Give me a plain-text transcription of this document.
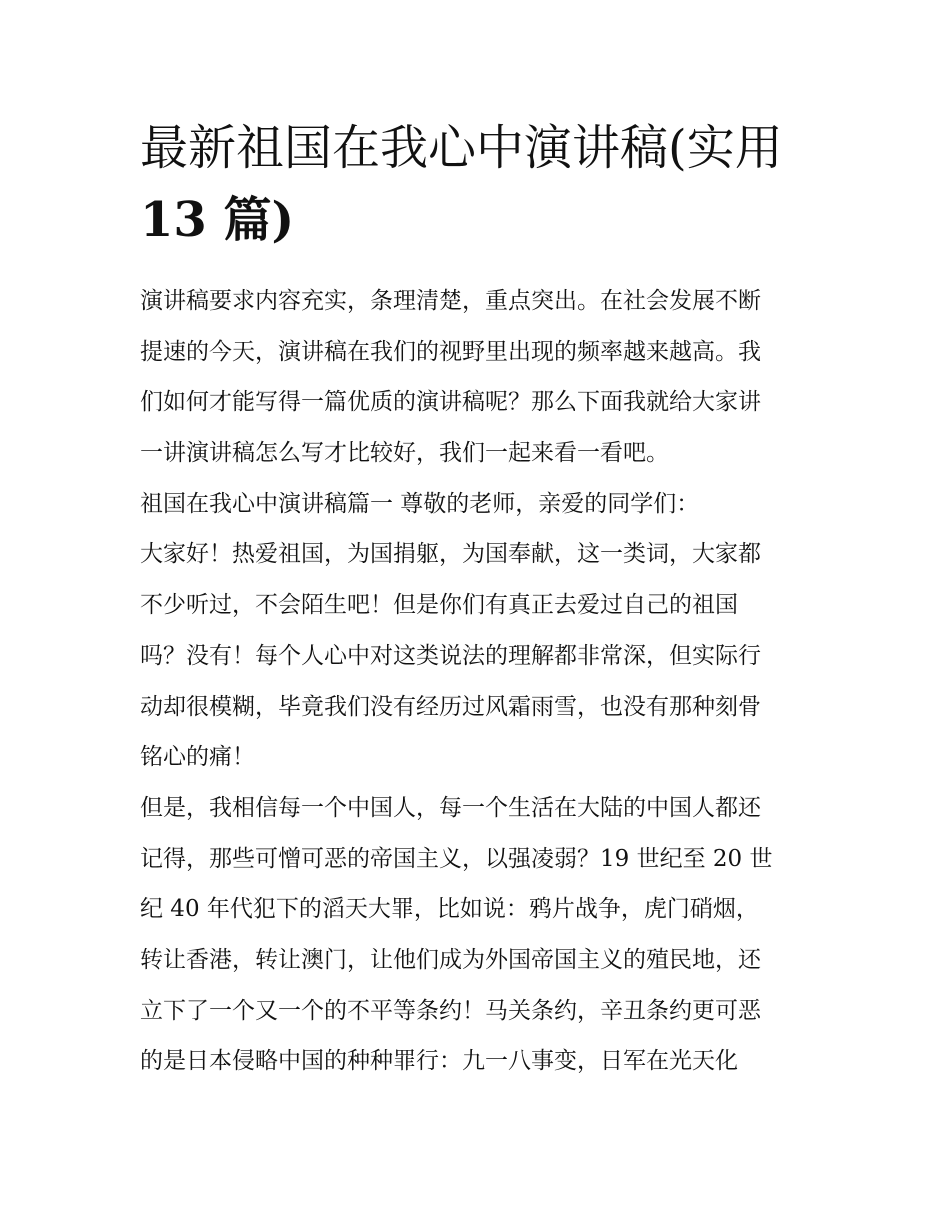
最新祖国在我心中演讲稿(实用
13 篇)
演讲稿要求内容充实，条理清楚，重点突出。在社会发展不断
提速的今天，演讲稿在我们的视野里出现的频率越来越高。我
们如何才能写得一篇优质的演讲稿呢？那么下面我就给大家讲
一讲演讲稿怎么写才比较好，我们一起来看一看吧。
祖国在我心中演讲稿篇一 尊敬的老师，亲爱的同学们：
大家好！热爱祖国，为国捐躯，为国奉献，这一类词，大家都
不少听过，不会陌生吧！但是你们有真正去爱过自己的祖国
吗？没有！每个人心中对这类说法的理解都非常深，但实际行
动却很模糊，毕竟我们没有经历过风霜雨雪，也没有那种刻骨
铭心的痛！
但是，我相信每一个中国人，每一个生活在大陆的中国人都还
记得，那些可憎可恶的帝国主义，以强凌弱？19 世纪至 20 世
纪 40 年代犯下的滔天大罪，比如说：鸦片战争，虎门硝烟，
转让香港，转让澳门，让他们成为外国帝国主义的殖民地，还
立下了一个又一个的不平等条约！马关条约，辛丑条约更可恶
的是日本侵略中国的种种罪行：九一八事变，日军在光天化
